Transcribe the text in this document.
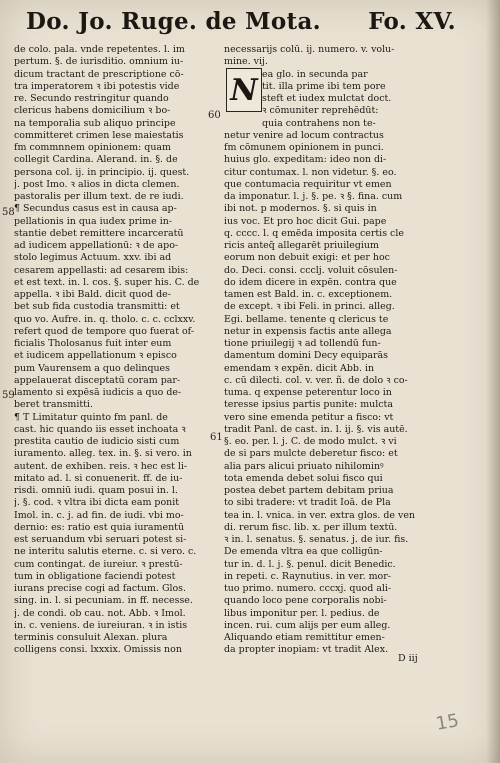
Do. Jo. Ruge. de Mota. Fo. XV.
de colo. pala. vnde repetentes. l. im
pertum. §. de iurisditio. omnium iu-
dicum tractant de prescriptione cō-
tra imperatorem ꝛ ibi potestis vide
re. Secundo restringitur quando
clericus habens domicilium ꝛ bo-
na temporalia sub aliquo principe
committeret crimen lese maiestatis
fm commnnem opinionem: quam
collegit Cardina. Alerand. in. §. de
persona col. ij. in principio. ij. quest.
j. post Imo. ꝛ alios in dicta clemen.
pastoralis per illum text. de re iudi.
¶ Secundus casus est in causa ap-
pellationis in qua iudex prime in-
stantie debet remittere incarceratū
ad iudicem appellationū: ꝛ de apo-
stolo legimus Actuum. xxv. ibi ad
cesarem appellasti: ad cesarem ibis:
et est text. in. l. cos. §. super his. C. de
appella. ꝛ ibi Bald. dicit quod de-
bet sub fida custodia transmitti: et
quo vo. Aufre. in. q. tholo. c. c. cclxxv.
refert quod de tempore quo fuerat of-
ficialis Tholosanus fuit inter eum
et iudicem appellationum ꝛ episco
pum Vaurensem a quo delinques
appelauerat disceptatū coram par-
lamento si expēsā iudicis a quo de-
beret transmitti.
¶ T Limitatur quinto fm panl. de
cast. hic quando iis esset inchoata ꝛ
prestita cautio de iudicio sisti cum
iuramento. alleg. tex. in. §. si vero. in
autent. de exhiben. reis. ꝛ hec est li-
mitato ad. l. si conuenerit. ff. de iu-
risdi. omniū iudi. quam posui in. l.
j. §. cod. ꝛ vltra ibi dicta eam ponit
Imol. in. c. j. ad fin. de iudi. vbi mo-
dernio: es: ratio est quia iuramentū
est seruandum vbi seruari potest si-
ne interitu salutis eterne. c. si vero. c.
cum contingat. de iureiur. ꝛ prestū-
tum in obligatione faciendi potest
iurans precise cogi ad factum. Glos.
sing. in. l. si pecuniam. in ff. necesse.
j. de condi. ob cau. not. Abb. ꝛ Imol.
in. c. veniens. de iureiuran. ꝛ in istis
terminis consuluit Alexan. plura
colligens consi. lxxxix. Omissis non
necessarijs colū. ij. numero. v. volu-
mine. vij.
ea glo. in secunda par
tit. illa prime ibi tem pore
steft et iudex mulctat doct.
ꝛ cōmuniter reprehēdūt:
quia contrahens non te-
netur venire ad locum contractus
fm cōmunem opinionem in punci.
huius glo. expeditam: ideo non di-
citur contumax. l. non videtur. §. eo.
que contumacia requiritur vt emen
da imponatur. l. j. §. pe. ꝛ §. fina. cum
ibi not. p modernos. §. si quis in
ius voc. Et pro hoc dicit Gui. pape
q. cccc. l. q emēda imposita certis cle
ricis anteq̄ allegarēt priuilegium
eorum non debuit exigi: et per hoc
do. Deci. consi. ccclj. voluit cōsulen-
do idem dicere in expēn. contra que
tamen est Bald. in. c. exceptionem.
de except. ꝛ ibi Feli. in princi. alleg.
Egi. bellame. tenente q clericus te
netur in expensis factis ante allega
tione priuilegij ꝛ ad tollendū fun-
damentum domini Decy equiparās
emendam ꝛ expēn. dicit Abb. in
c. cū dilecti. col. v. ver. ñ. de dolo ꝛ co-
tuma. q expense peterentur loco in
teresse ipsius partis punite: mulcta
vero sine emenda petitur a fisco: vt
tradit Panl. de cast. in. l. ij. §. vis autē.
§. eo. per. l. j. C. de modo mulct. ꝛ vi
de si pars mulcte deberetur fisco: et
alia pars alicui priuato nihilominꝰ
tota emenda debet solui fisco qui
postea debet partem debitam priua
to sibi tradere: vt tradit Ioā. de Pla
tea in. l. vnica. in ver. extra glos. de ven
di. rerum fisc. lib. x. per illum textū.
ꝛ in. l. senatus. §. senatus. j. de iur. fis.
De emenda vltra ea que colligūn-
tur in. d. l. j. §. penul. dicit Benedic.
in repeti. c. Raynutius. in ver. mor-
tuo primo. numero. cccxj. quod ali-
quando loco pene corporalis nobi-
libus imponitur per. l. pedius. de
incen. rui. cum alijs per eum alleg.
Aliquando etiam remittitur emen-
da propter inopiam: vt tradit Alex.
N
58
59
60
61
D iij
15
